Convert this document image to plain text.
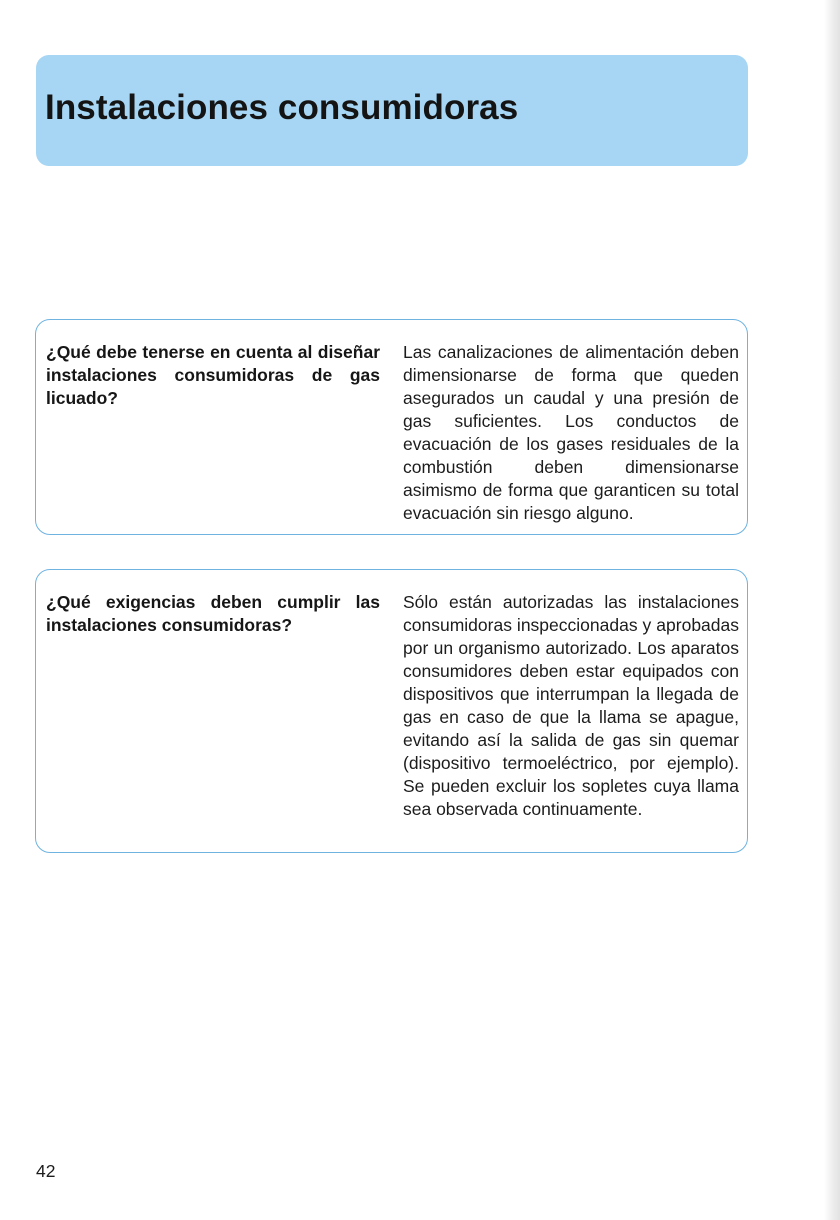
Instalaciones consumidoras

¿Qué debe tenerse en cuenta al diseñar instalaciones consumidoras de gas licuado?

Las canalizaciones de alimentación deben dimensionarse de forma que queden asegurados un caudal y una presión de gas suficientes. Los conductos de evacuación de los gases residuales de la combustión deben dimensionarse asimismo de forma que garanticen su total evacuación sin riesgo alguno.

¿Qué exigencias deben cumplir las instalaciones consumidoras?

Sólo están autorizadas las instalaciones consumidoras inspeccionadas y aprobadas por un organismo autorizado. Los aparatos consumidores deben estar equipados con dispositivos que interrumpan la llegada de gas en caso de que la llama se apague, evitando así la salida de gas sin quemar (dispositivo termoeléctrico, por ejemplo). Se pueden excluir los sopletes cuya llama sea observada continuamente.

42
